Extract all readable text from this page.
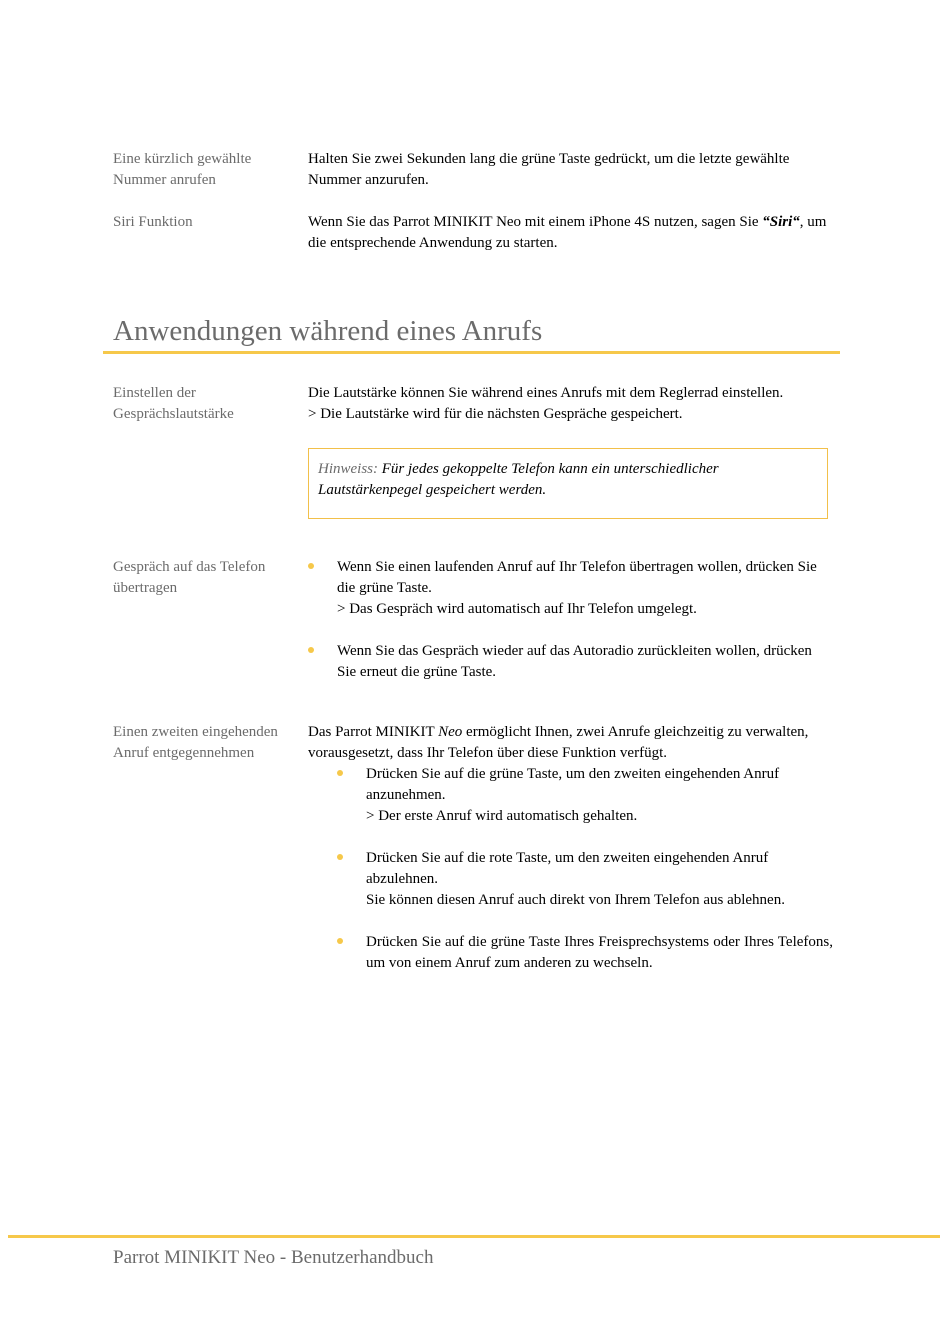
Eine kürzlich gewählte Nummer anrufen
Halten Sie zwei Sekunden lang die grüne Taste gedrückt, um die letzte gewählte Nummer anzurufen.
Siri Funktion	Wenn Sie das Parrot MINIKIT Neo mit einem iPhone 4S nutzen, sagen Sie “Siri“, um die entsprechende Anwendung zu starten.
Anwendungen während eines Anrufs
Einstellen der Gesprächslautstärke
Die Lautstärke können Sie während eines Anrufs mit dem Reglerrad einstellen.
> Die Lautstärke wird für die nächsten Gespräche gespeichert.
Hinweiss: Für jedes gekoppelte Telefon kann ein unterschiedlicher Lautstärkenpegel gespeichert werden.
Gespräch auf das Telefon übertragen
Wenn Sie einen laufenden Anruf auf Ihr Telefon übertragen wollen, drücken Sie die grüne Taste.
> Das Gespräch wird automatisch auf Ihr Telefon umgelegt.
Wenn Sie das Gespräch wieder auf das Autoradio zurückleiten wollen, drücken Sie erneut die grüne Taste.
Einen zweiten eingehenden Anruf entgegennehmen
Das Parrot MINIKIT Neo ermöglicht Ihnen, zwei Anrufe gleichzeitig zu verwalten, vorausgesetzt, dass Ihr Telefon über diese Funktion verfügt.
Drücken Sie auf die grüne Taste, um den zweiten eingehenden Anruf anzunehmen.
> Der erste Anruf wird automatisch gehalten.
Drücken Sie auf die rote Taste, um den zweiten eingehenden Anruf abzulehnen.
Sie können diesen Anruf auch direkt von Ihrem Telefon aus ablehnen.
Drücken Sie auf die grüne Taste Ihres Freisprechsystems oder Ihres Telefons, um von einem Anruf zum anderen zu wechseln.
Parrot MINIKIT Neo - Benutzerhandbuch
